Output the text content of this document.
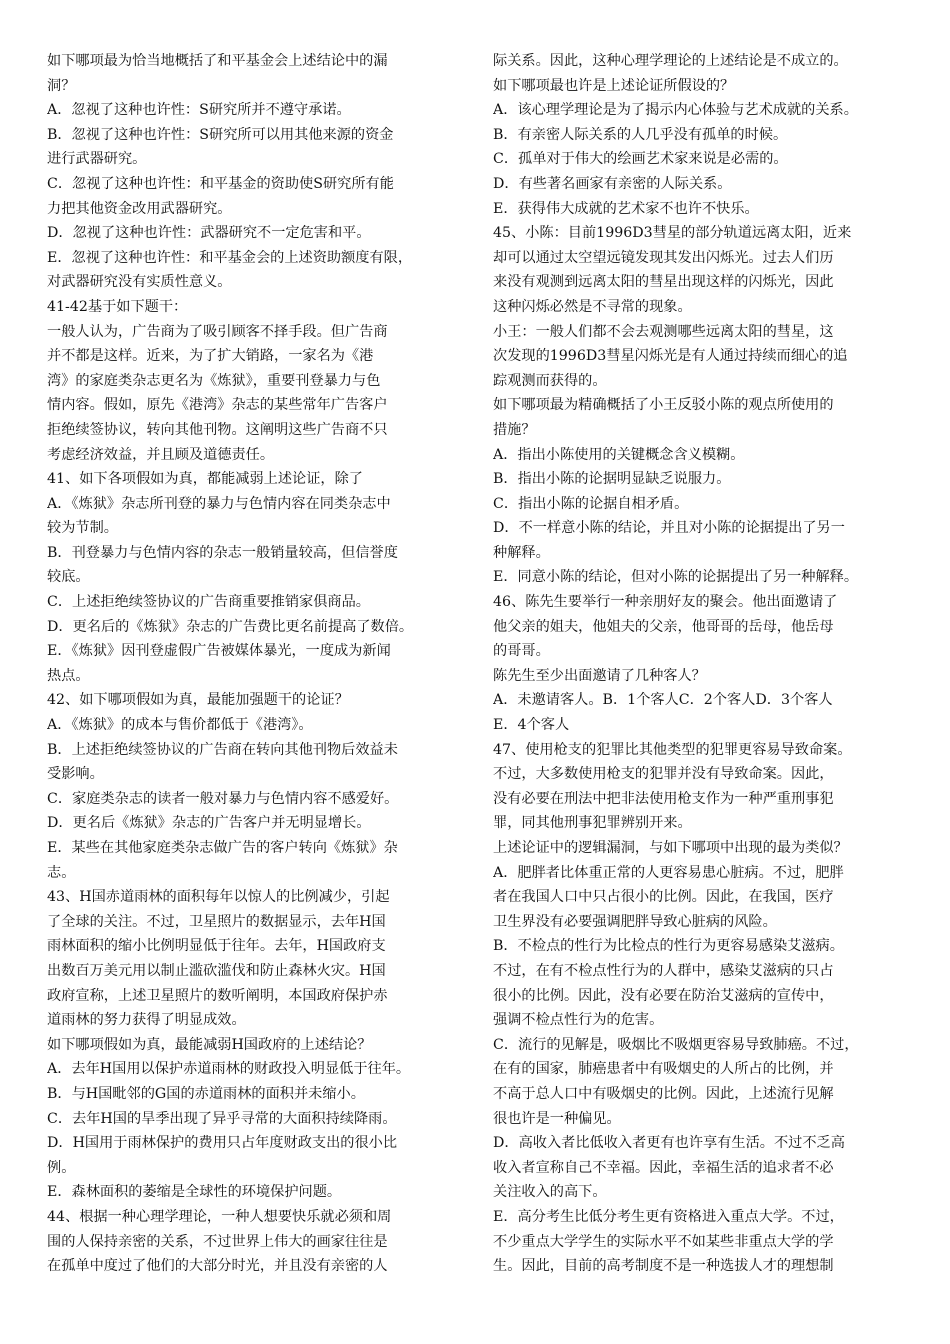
如下哪项最为恰当地概括了和平基金会上述结论中的漏
洞？
A．忽视了这种也许性：S研究所并不遵守承诺。
B．忽视了这种也许性：S研究所可以用其他来源的资金
进行武器研究。
C．忽视了这种也许性：和平基金的资助使S研究所有能
力把其他资金改用武器研究。
D．忽视了这种也许性：武器研究不一定危害和平。
E．忽视了这种也许性：和平基金会的上述资助额度有限，
对武器研究没有实质性意义。
41-42基于如下题干：
一般人认为，广告商为了吸引顾客不择手段。但广告商
并不都是这样。近来，为了扩大销路，一家名为《港
湾》的家庭类杂志更名为《炼狱》，重要刊登暴力与色
情内容。假如，原先《港湾》杂志的某些常年广告客户
拒绝续签协议，转向其他刊物。这阐明这些广告商不只
考虑经济效益，并且顾及道德责任。
41、如下各项假如为真，都能减弱上述论证，除了
A．《炼狱》杂志所刊登的暴力与色情内容在同类杂志中
较为节制。
B．刊登暴力与色情内容的杂志一般销量较高，但信誉度
较底。
C．上述拒绝续签协议的广告商重要推销家俱商品。
D．更名后的《炼狱》杂志的广告费比更名前提高了数倍。
E．《炼狱》因刊登虚假广告被媒体暴光，一度成为新闻
热点。
42、如下哪项假如为真，最能加强题干的论证？
A．《炼狱》的成本与售价都低于《港湾》。
B．上述拒绝续签协议的广告商在转向其他刊物后效益未
受影响。
C．家庭类杂志的读者一般对暴力与色情内容不感爱好。
D．更名后《炼狱》杂志的广告客户并无明显增长。
E．某些在其他家庭类杂志做广告的客户转向《炼狱》杂
志。
43、H国赤道雨林的面积每年以惊人的比例减少，引起
了全球的关注。不过，卫星照片的数据显示，去年H国
雨林面积的缩小比例明显低于往年。去年，H国政府支
出数百万美元用以制止滥砍滥伐和防止森林火灾。H国
政府宣称，上述卫星照片的数听阐明，本国政府保护赤
道雨林的努力获得了明显成效。
如下哪项假如为真，最能减弱H国政府的上述结论？
A．去年H国用以保护赤道雨林的财政投入明显低于往年。
B．与H国毗邻的G国的赤道雨林的面积并未缩小。
C．去年H国的旱季出现了异乎寻常的大面积持续降雨。
D．H国用于雨林保护的费用只占年度财政支出的很小比
例。
E．森林面积的萎缩是全球性的环境保护问题。
44、根据一种心理学理论，一种人想要快乐就必须和周
围的人保持亲密的关系，不过世界上伟大的画家往往是
在孤单中度过了他们的大部分时光，并且没有亲密的人
际关系。因此，这种心理学理论的上述结论是不成立的。
如下哪项最也许是上述论证所假设的？
A．该心理学理论是为了揭示内心体验与艺术成就的关系。
B．有亲密人际关系的人几乎没有孤单的时候。
C．孤单对于伟大的绘画艺术家来说是必需的。
D．有些著名画家有亲密的人际关系。
E．获得伟大成就的艺术家不也许不快乐。
45、小陈：目前1996D3彗星的部分轨道远离太阳，近来
却可以通过太空望远镜发现其发出闪烁光。过去人们历
来没有观测到远离太阳的彗星出现这样的闪烁光，因此
这种闪烁必然是不寻常的现象。
小王：一般人们都不会去观测哪些远离太阳的彗星，这
次发现的1996D3彗星闪烁光是有人通过持续而细心的追
踪观测而获得的。
如下哪项最为精确概括了小王反驳小陈的观点所使用的
措施？
A．指出小陈使用的关键概念含义模糊。
B．指出小陈的论据明显缺乏说服力。
C．指出小陈的论据自相矛盾。
D．不一样意小陈的结论，并且对小陈的论据提出了另一
种解释。
E．同意小陈的结论，但对小陈的论据提出了另一种解释。
46、陈先生要举行一种亲朋好友的聚会。他出面邀请了
他父亲的姐夫，他姐夫的父亲，他哥哥的岳母，他岳母
的哥哥。
陈先生至少出面邀请了几种客人？
A．未邀请客人。B．1个客人C．2个客人D．3个客人
E．4个客人
47、使用枪支的犯罪比其他类型的犯罪更容易导致命案。
不过，大多数使用枪支的犯罪并没有导致命案。因此，
没有必要在刑法中把非法使用枪支作为一种严重刑事犯
罪，同其他刑事犯罪辨别开来。
上述论证中的逻辑漏洞，与如下哪项中出现的最为类似？
A．肥胖者比体重正常的人更容易患心脏病。不过，肥胖
者在我国人口中只占很小的比例。因此，在我国，医疗
卫生界没有必要强调肥胖导致心脏病的风险。
B．不检点的性行为比检点的性行为更容易感染艾滋病。
不过，在有不检点性行为的人群中，感染艾滋病的只占
很小的比例。因此，没有必要在防治艾滋病的宣传中，
强调不检点性行为的危害。
C．流行的见解是，吸烟比不吸烟更容易导致肺癌。不过，
在有的国家，肺癌患者中有吸烟史的人所占的比例，并
不高于总人口中有吸烟史的比例。因此，上述流行见解
很也许是一种偏见。
D．高收入者比低收入者更有也许享有生活。不过不乏高
收入者宣称自己不幸福。因此，幸福生活的追求者不必
关注收入的高下。
E．高分考生比低分考生更有资格进入重点大学。不过，
不少重点大学学生的实际水平不如某些非重点大学的学
生。因此，目前的高考制度不是一种选拔人才的理想制
